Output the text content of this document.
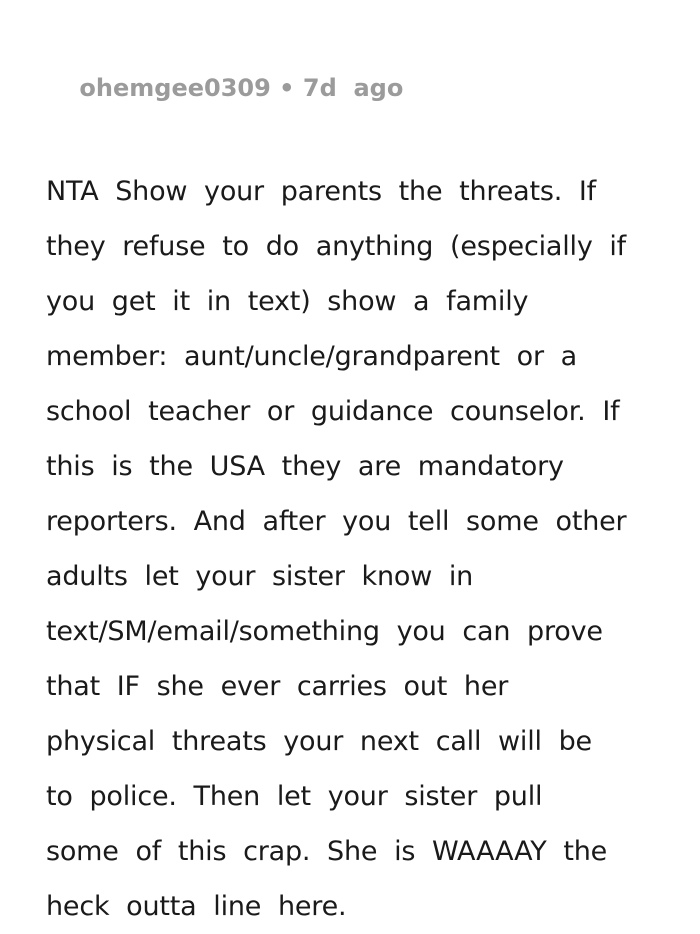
ohemgee0309 • 7d  ago

NTA  Show  your  parents  the  threats.  If
they  refuse  to  do  anything  (especially  if
you  get  it  in  text)  show  a  family
member:  aunt/uncle/grandparent  or  a
school  teacher  or  guidance  counselor.  If
this  is  the  USA  they  are  mandatory
reporters.  And  after  you  tell  some  other
adults  let  your  sister  know  in
text/SM/email/something  you  can  prove
that  IF  she  ever  carries  out  her
physical  threats  your  next  call  will  be
to  police.  Then  let  your  sister  pull
some  of  this  crap.  She  is  WAAAAY  the
heck  outta  line  here.
